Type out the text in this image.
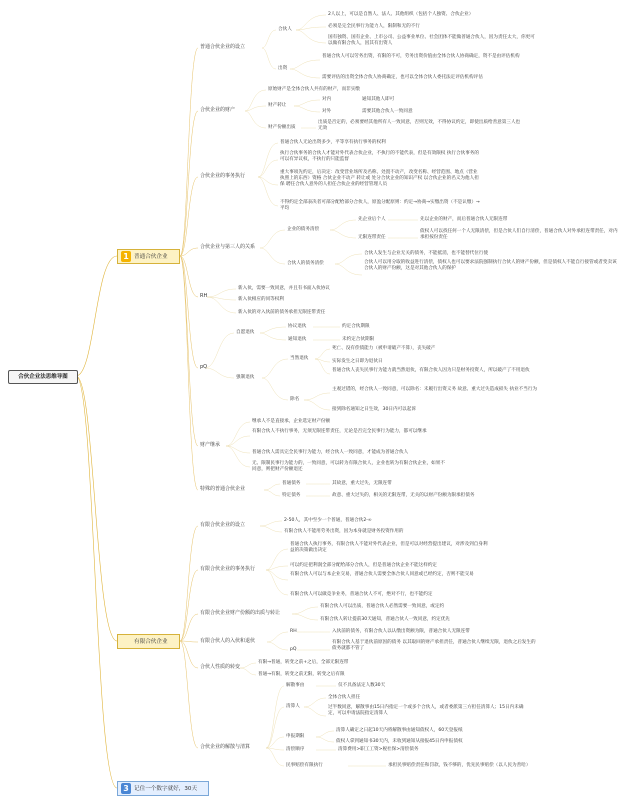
合伙企业法思维导图
1 普通合伙企业
有限合伙企业
3 记住一个数字就好，30天
普通合伙企业的设立
合伙人
2人以上，可以是自然人、法人、其他组织（包括个人独资、合伙企业）
必须是完全民事行为能力人，限制和无的不行
国有独资、国有企业、上市公司、公益事业单位、社会团体不能做普通合伙人，因为责任太大，你更可以做有限合伙人，因其有出资人
出资
普通合伙人可以劳务出资，有限的不可，劳务出资价值由全体合伙人协商确定，资不是由评估机构
需要评估的出资全体合伙人协商确定，也可以全体合伙人委托法定评估机构评估
合伙企业的财产
原始财产是全体合伙人共有的财产，而非实缴
财产转让
对内	通知其他人即可
对外	需要其他合伙人一致同意
财产份额出质
出质是否定的，必须要经其他所有人一致同意，否则无效，不得协议约定，即使出质给善意第三人也无效
合伙企业的事务执行
普通合伙人无论出资多少，平等享有执行事务的权利
执行合伙事务的合伙人才能对外代表合伙企业，不执行的不能代表，但是有效限权 执行合伙事务的可以有异议权，不执行的只能监督
重大事项先约定，后决定：改变营业场所及名称，处置不动产，改变名称、经营范围、地点（营业执照上的东西）资格 合伙企业不动产 转让或 处分合伙企业的知识产权 以合伙企业的名义为他人担保 聘任合伙人意外的人担任合伙企业的经营管理人员
不得约定全部表决者可部分配给部分合伙人，原盈分配原则：约定→协商→实缴出资（不是认缴）→平均
合伙企业与第三人的关系
企业的债务清偿
先企业后个人	先以企业的财产，而后普通合伙人无限连带
无限连带责任
债权人可以找任何一个人无限清偿，但是合伙人们自行清偿，普通合伙人对外承担连带责任，对内承担按份责任
合伙人的债务清偿
合伙人发生与企业无关的债务，不能抵消，也不能替代位行使
合伙人可以用分取的收益进行清偿，债权人也可以要求法院强制执行合伙人的财产份额，但是债权人不能自行接管或者变卖该合伙人的财产份额，这是对其他合伙人的保护
RH
新入伙，需要一致同意，并且有书面入伙协议
新入伙相应的同等权利
新入伙的对入伙前的债务承担无限连带责任
pQ
自愿退伙
协议退伙	约定合伙期限
通知退伙	未约定合伙期限
强制退伙
当然退伙
死亡、没有偿债能力（被申请破产不算），丧失破产
实际发生之日即为退伙日
普通合伙人丧失民事行为能力就当然退伙，有限合伙人因为只是财务投资人，所以破产了不用退伙
除名
主观过错的，经合伙人一致同意，可以除名：未履行出资义务 故意、重大过失造成损失 执业不当行为
接到除名通知之日生效，30日内可以起诉
财产继承
继承人不是直接承，企业选定财产份额
有限合伙人不执行事务，无须无限连带责任，无论是否完全民事行为能力，都可以继承
普通合伙人需具完全民事行为能力，经合伙人一致同意，才能成为普通合伙人
无、限制民事行为能力的，一致同意，可以转为有限合伙人，企业也转为有限合伙企业，如果不同意，则把财产份额退还
特殊的普通合伙企业
普通债务	其故意，重大过失，无限连带
特定债务	故意、重大过失的，相关的无限连带，无关的以财产份额为限承担债务
有限合伙企业的设立
2-50人，其中至少一个普通，普通合伙2-∞
有限合伙人不能用劳务出资，因为本身就是财务投资作用的
有限合伙企业的事务执行
普通合伙人执行事务，有限合伙人不能对外代表企业，但是可以对经营提出建议，对涉及到自身利益的决策做出决定
可以约定把利润全部分配给部分合伙人，但是普通合伙企业不能这样约定
有限合伙人可以与本企业交易，普通合伙人需要全体合伙人同意或已经约定，否则不能交易
有限合伙人可以做竞争业务，普通合伙人不可，绝对不行，也不能约定
有限合伙企业财产份额的出质与转让
有限合伙人可以出质，普通合伙人必然需要一致同意，或定约
有限合伙人转让提前30天通知，普通合伙人一致同意，约定优先
有限合伙人的入伙和退伙
RH	入伙前的债务，有限合伙人以认缴出资额为限，普通合伙人无限连带
pQ
有限合伙人基于退伙前原因的债务 以其取回的财产承担责任，普通合伙人继续无限，退伙之后发生的债务就都不管了
合伙人性质的转变
有限→普通，转变之前+之后，全部无限连带
普通→有限，转变之前无限，转变之后有限
合伙企业的解散与清算
解散事由	仅不具备法定人数30天
清算人
全体合伙人担任
过半数同意，解散事由15日内指定一个或多个合伙人，或者委派第三方担任清算人；15日内未确定，可以申请法院指定清算人
申报期限
清算人确定之日起10天内将解散事由通知债权人，60天登报纸
债权人拿到通知书30天内，未收到通知从接报45日内申报债权
清偿顺序	清算费用>职工工资>税社保>清偿债务
民事赔偿有限执行	承担民事赔偿责任和罚款，钱不够的，优先民事赔偿（以人民为善哈）
